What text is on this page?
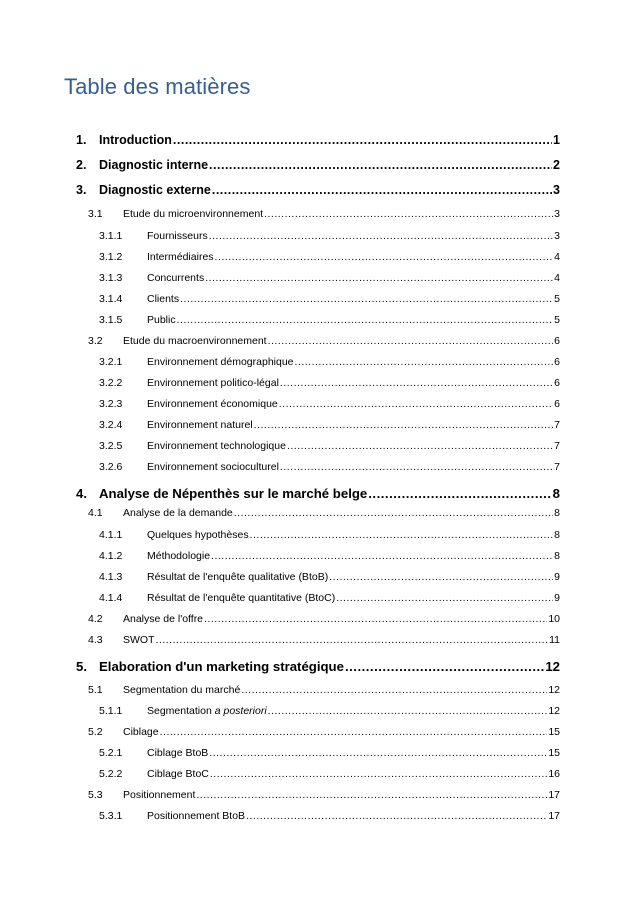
Table des matières
1.	Introduction .....	1
2.	Diagnostic interne .....	2
3.	Diagnostic externe .....	3
3.1	Etude du microenvironnement .....	3
3.1.1	Fournisseurs .....	3
3.1.2	Intermédiaires .....	4
3.1.3	Concurrents .....	4
3.1.4	Clients .....	5
3.1.5	Public .....	5
3.2	Etude du macroenvironnement .....	6
3.2.1	Environnement démographique .....	6
3.2.2	Environnement politico-légal .....	6
3.2.3	Environnement économique .....	6
3.2.4	Environnement naturel .....	7
3.2.5	Environnement technologique .....	7
3.2.6	Environnement socioculturel .....	7
4. Analyse de Népenthès sur le marché belge .....	8
4.1	Analyse de la demande .....	8
4.1.1	Quelques hypothèses .....	8
4.1.2	Méthodologie .....	8
4.1.3	Résultat de l'enquête qualitative (BtoB) .....	9
4.1.4	Résultat de l'enquête quantitative (BtoC) .....	9
4.2	Analyse de l'offre .....	10
4.3	SWOT .....	11
5. Elaboration d'un marketing stratégique .....	12
5.1	Segmentation du marché .....	12
5.1.1	Segmentation a posteriori .....	12
5.2	Ciblage .....	15
5.2.1	Ciblage BtoB .....	15
5.2.2	Ciblage BtoC .....	16
5.3	Positionnement .....	17
5.3.1	Positionnement BtoB .....	17
